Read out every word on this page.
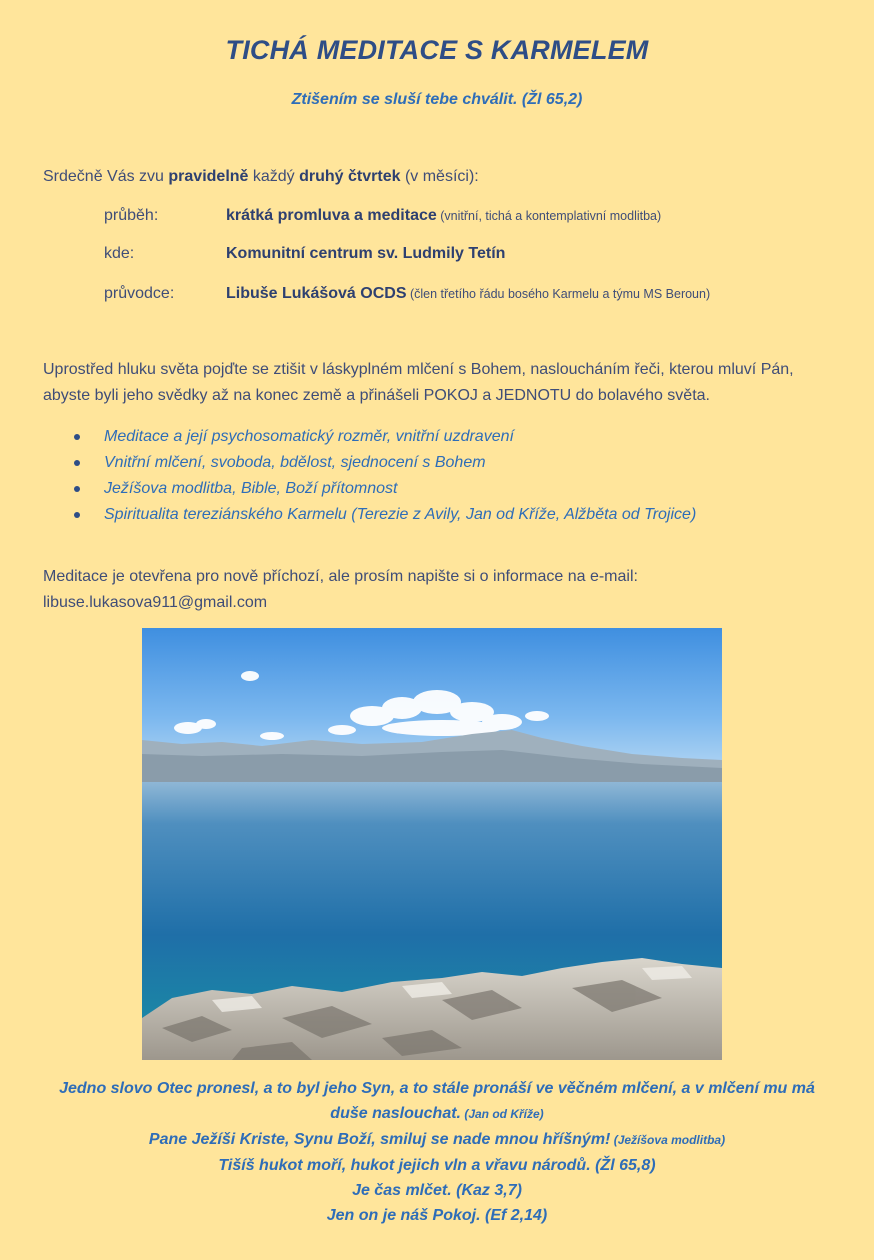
TICHÁ MEDITACE S KARMELEM
Ztišením se sluší tebe chválit. (Žl 65,2)
Srdečně Vás zvu pravidelně každý druhý čtvrtek (v měsíci):
průběh:	krátká promluva a meditace (vnitřní, tichá a kontemplativní modlitba)
kde:	Komunitní centrum sv. Ludmily Tetín
průvodce:	Libuše Lukášová OCDS (člen třetího řádu bosého Karmelu a týmu MS Beroun)
Uprostřed hluku světa pojďte se ztišit v láskyplném mlčení s Bohem, nasloucháním řeči, kterou mluví Pán, abyste byli jeho svědky až na konec země a přinášeli POKOJ a JEDNOTU do bolavého světa.
Meditace a její psychosomatický rozměr, vnitřní uzdravení
Vnitřní mlčení, svoboda, bdělost, sjednocení s Bohem
Ježíšova modlitba, Bible, Boží přítomnost
Spiritualita tereziánského Karmelu (Terezie z Avily, Jan od Kříže, Alžběta od Trojice)
Meditace je otevřena pro nově příchozí, ale prosím napište si o informace na e-mail:
libuse.lukasova911@gmail.com
Jedno slovo Otec pronesl, a to byl jeho Syn, a to stále pronáší ve věčném mlčení, a v mlčení mu má duše naslouchat. (Jan od Kříže)
Pane Ježíši Kriste, Synu Boží, smiluj se nade mnou hříšným! (Ježíšova modlitba)
Tišíš hukot moří, hukot jejich vln a vřavu národů. (Žl 65,8)
Je čas mlčet. (Kaz 3,7)
Jen on je náš Pokoj. (Ef 2,14)
